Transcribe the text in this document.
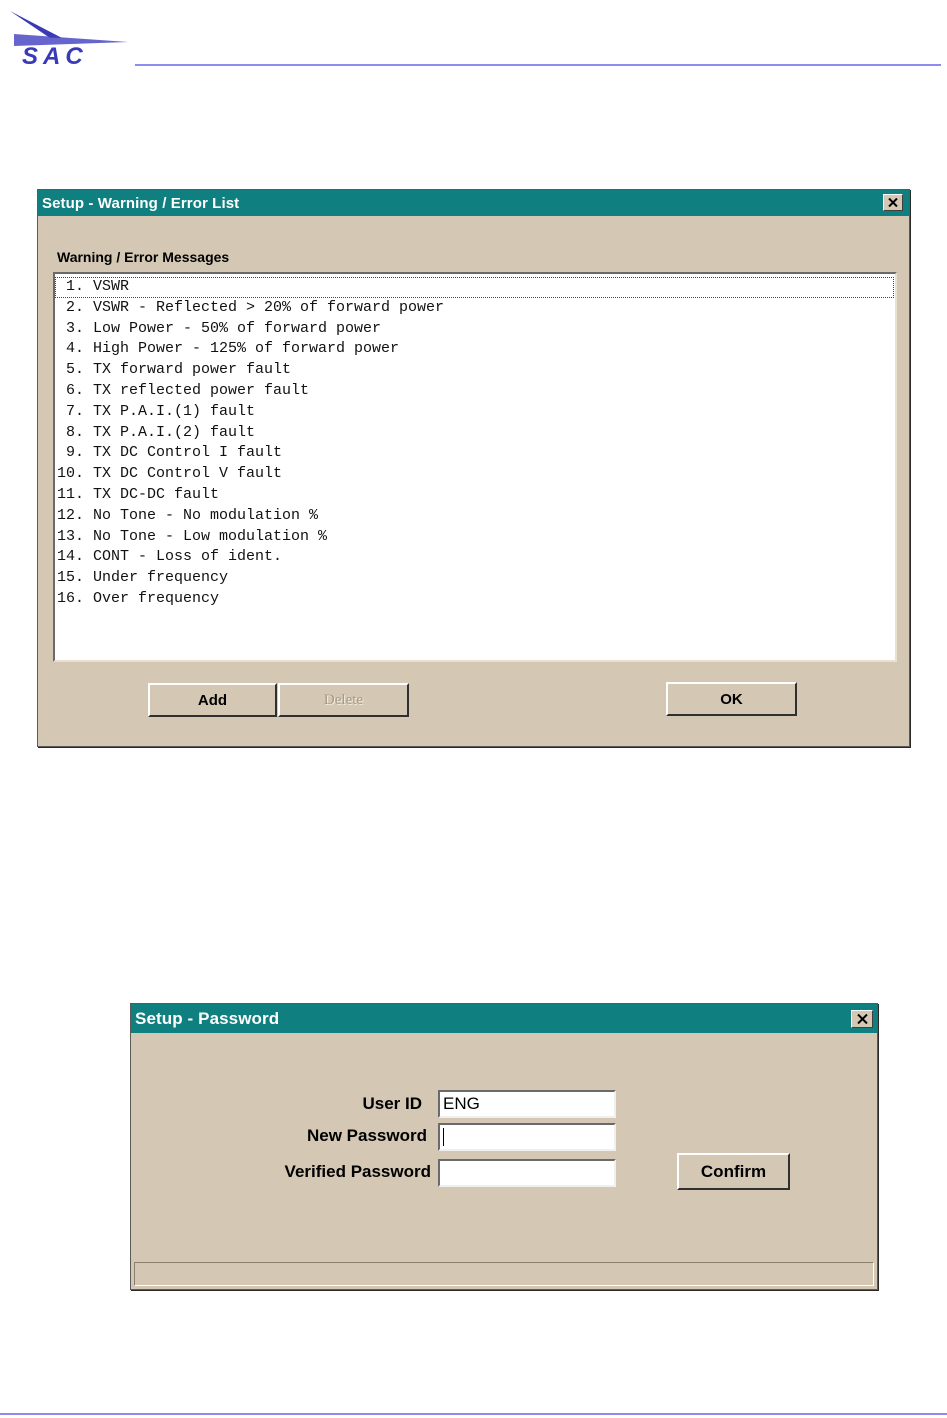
SAC
Setup - Warning / Error List
Warning / Error Messages
1. VSWR
2. VSWR - Reflected > 20% of forward power
3. Low Power - 50% of forward power
4. High Power - 125% of forward power
5. TX forward power fault
6. TX reflected power fault
7. TX P.A.I.(1) fault
8. TX P.A.I.(2) fault
9. TX DC Control I fault
10. TX DC Control V fault
11. TX DC-DC fault
12. No Tone - No modulation %
13. No Tone - Low modulation %
14. CONT - Loss of ident.
15. Under frequency
16. Over frequency
Add	Delete	OK
Setup - Password
User ID ENG
New Password
Verified Password	Confirm
